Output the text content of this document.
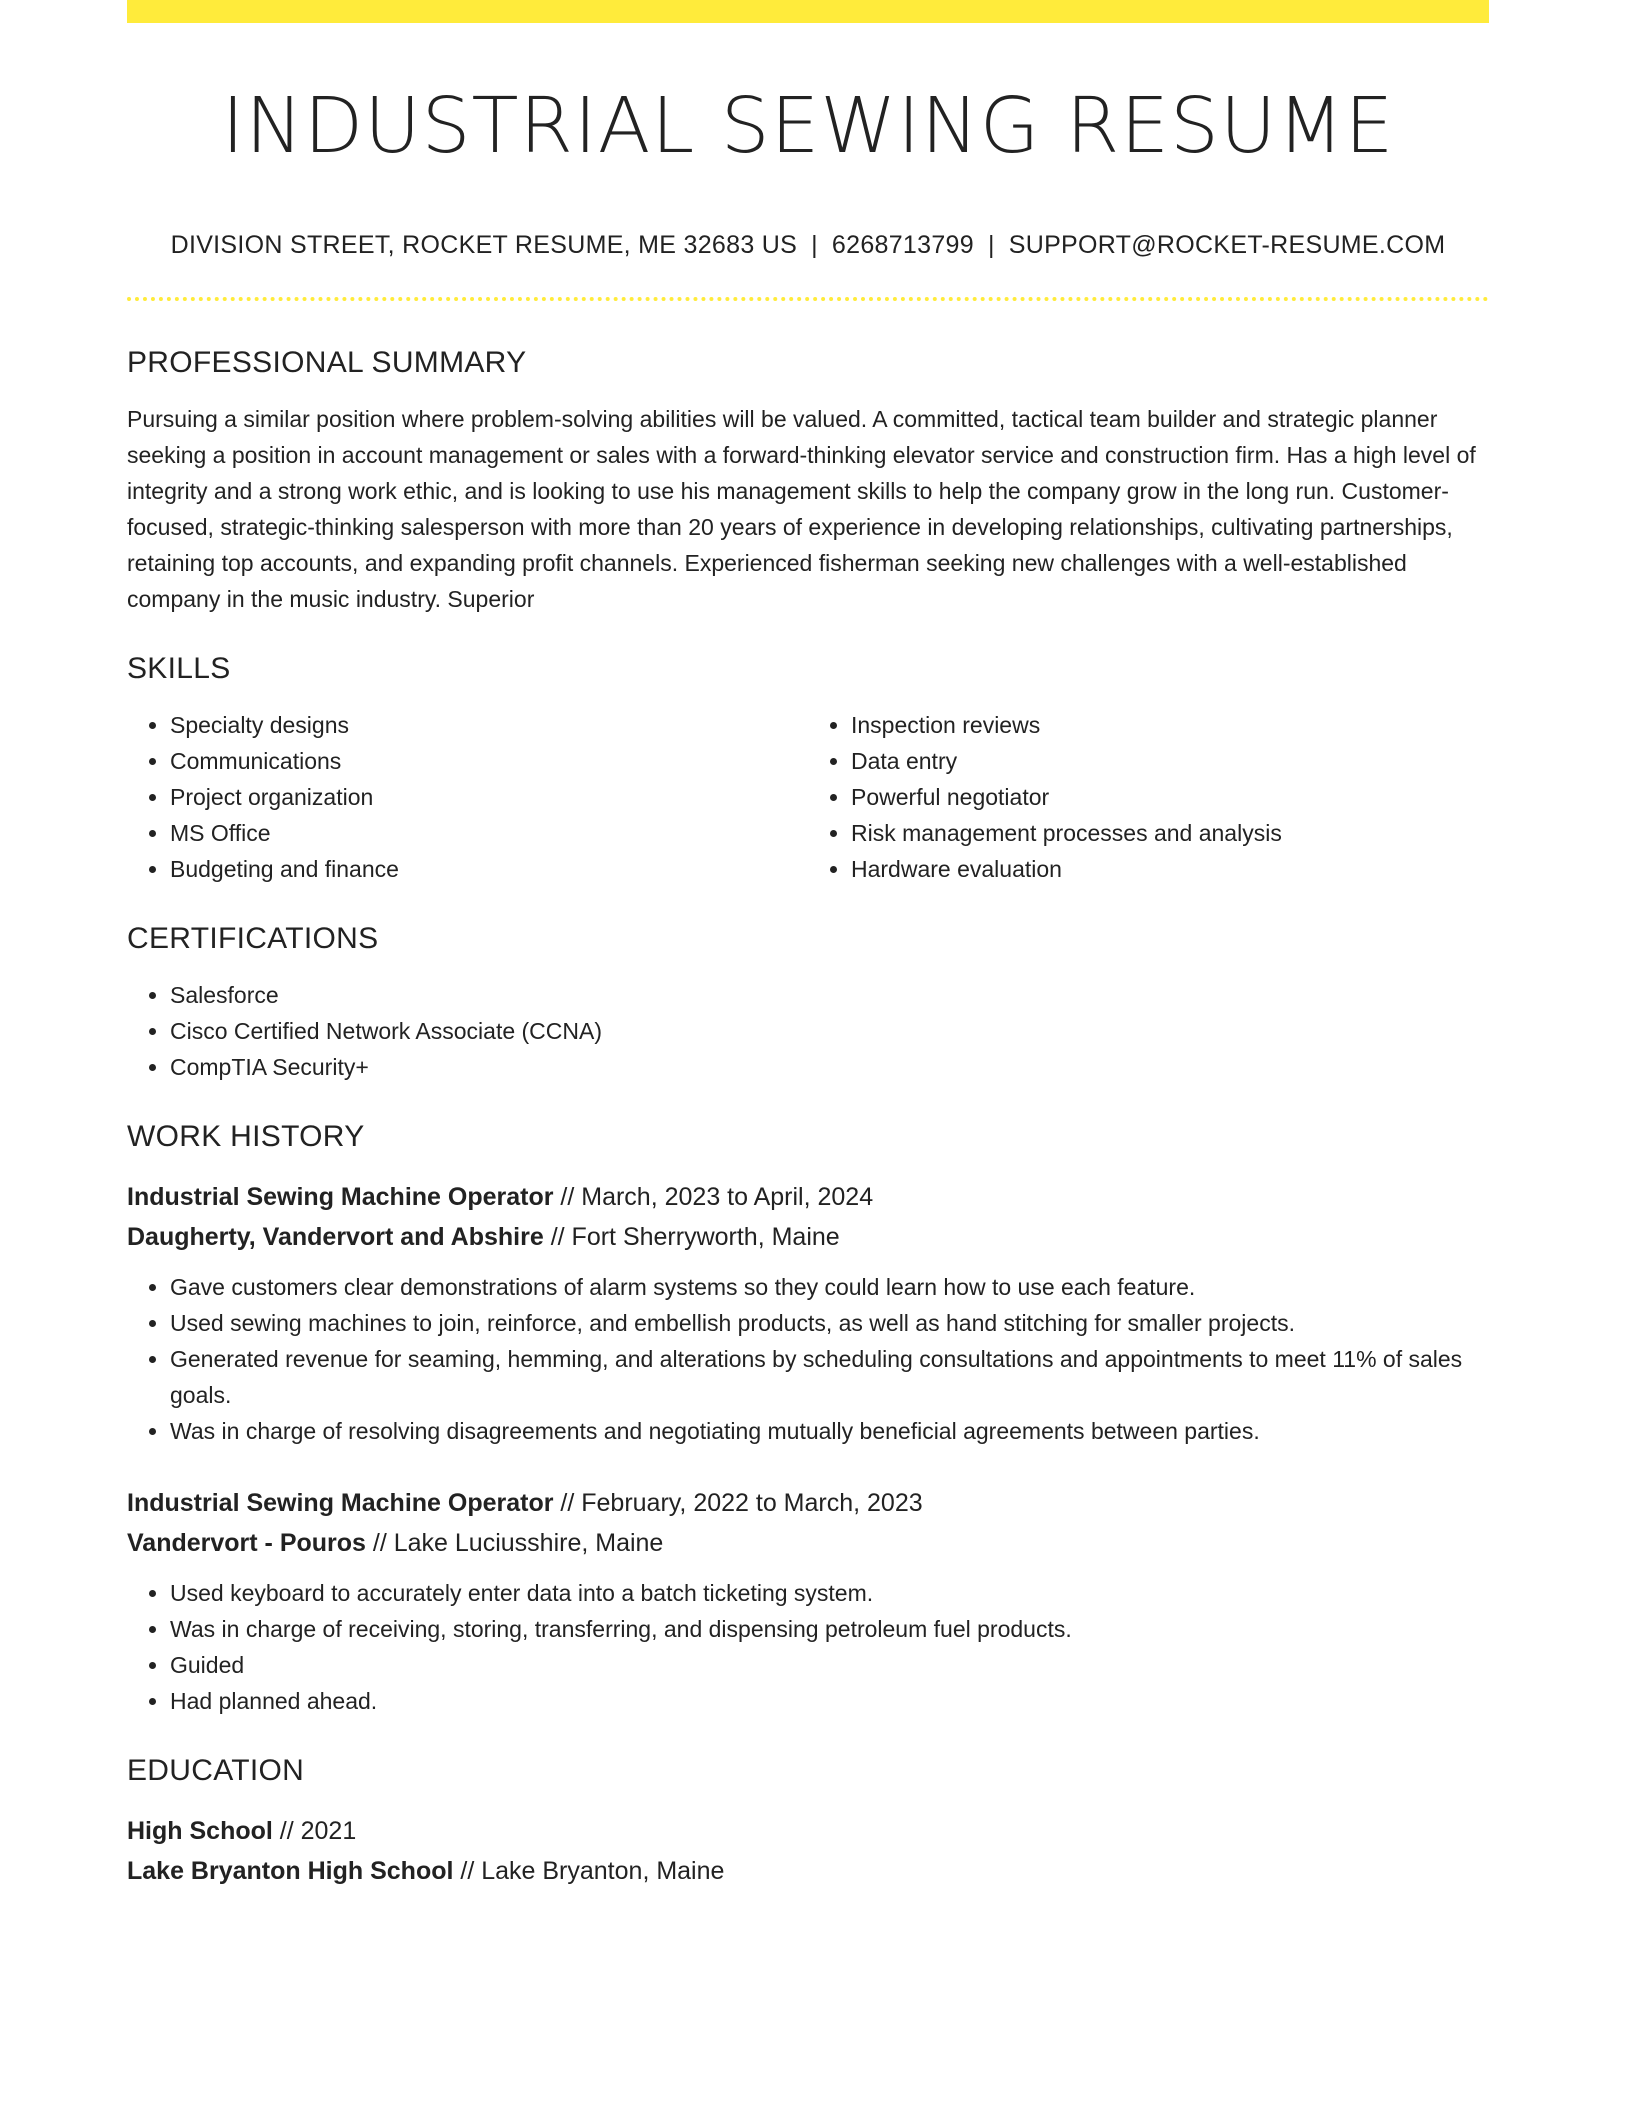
INDUSTRIAL SEWING RESUME
DIVISION STREET, ROCKET RESUME, ME 32683 US | 6268713799 | SUPPORT@ROCKET-RESUME.COM
PROFESSIONAL SUMMARY

Pursuing a similar position where problem-solving abilities will be valued. A committed, tactical team builder and strategic planner seeking a position in account management or sales with a forward-thinking elevator service and construction firm. Has a high level of integrity and a strong work ethic, and is looking to use his management skills to help the company grow in the long run. Customer-focused, strategic-thinking salesperson with more than 20 years of experience in developing relationships, cultivating partnerships, retaining top accounts, and expanding profit channels. Experienced fisherman seeking new challenges with a well-established company in the music industry. Superior

SKILLS
• Specialty designs
• Communications
• Project organization
• MS Office
• Budgeting and finance
• Inspection reviews
• Data entry
• Powerful negotiator
• Risk management processes and analysis
• Hardware evaluation
CERTIFICATIONS
• Salesforce
• Cisco Certified Network Associate (CCNA)
• CompTIA Security+
WORK HISTORY
Industrial Sewing Machine Operator // March, 2023 to April, 2024
Daugherty, Vandervort and Abshire // Fort Sherryworth, Maine
• Gave customers clear demonstrations of alarm systems so they could learn how to use each feature.
• Used sewing machines to join, reinforce, and embellish products, as well as hand stitching for smaller projects.
• Generated revenue for seaming, hemming, and alterations by scheduling consultations and appointments to meet 11% of sales goals.
• Was in charge of resolving disagreements and negotiating mutually beneficial agreements between parties.
Industrial Sewing Machine Operator // February, 2022 to March, 2023
Vandervort - Pouros // Lake Luciusshire, Maine
• Used keyboard to accurately enter data into a batch ticketing system.
• Was in charge of receiving, storing, transferring, and dispensing petroleum fuel products.
• Guided
• Had planned ahead.
EDUCATION
High School // 2021
Lake Bryanton High School // Lake Bryanton, Maine
